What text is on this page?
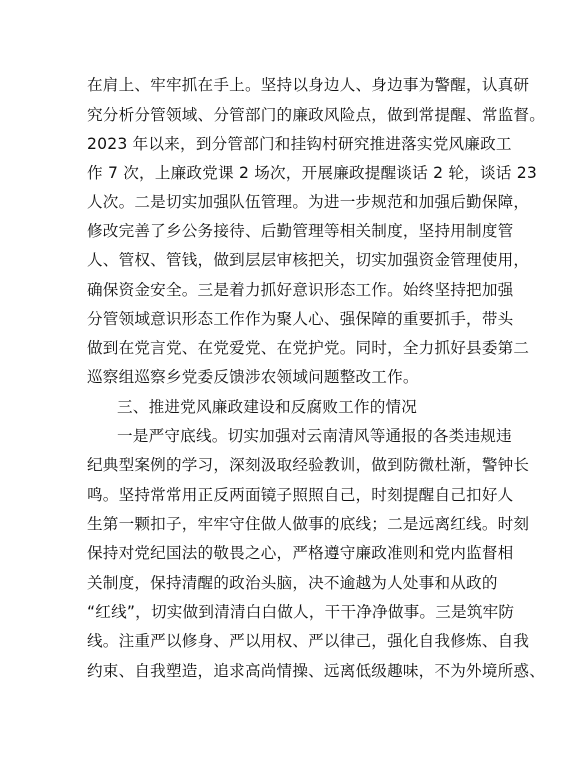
在肩上、牢牢抓在手上。坚持以身边人、身边事为警醒，认真研
究分析分管领域、分管部门的廉政风险点，做到常提醒、常监督。
2023 年以来，到分管部门和挂钩村研究推进落实党风廉政工
作 7 次，上廉政党课 2 场次，开展廉政提醒谈话 2 轮，谈话 23
人次。二是切实加强队伍管理。为进一步规范和加强后勤保障，
修改完善了乡公务接待、后勤管理等相关制度，坚持用制度管
人、管权、管钱，做到层层审核把关，切实加强资金管理使用，
确保资金安全。三是着力抓好意识形态工作。始终坚持把加强
分管领域意识形态工作作为聚人心、强保障的重要抓手，带头
做到在党言党、在党爱党、在党护党。同时，全力抓好县委第二
巡察组巡察乡党委反馈涉农领域问题整改工作。
三、推进党风廉政建设和反腐败工作的情况
一是严守底线。切实加强对云南清风等通报的各类违规违
纪典型案例的学习，深刻汲取经验教训，做到防微杜渐，警钟长
鸣。坚持常常用正反两面镜子照照自己，时刻提醒自己扣好人
生第一颗扣子，牢牢守住做人做事的底线；二是远离红线。时刻
保持对党纪国法的敬畏之心，严格遵守廉政准则和党内监督相
关制度，保持清醒的政治头脑，决不逾越为人处事和从政的
“红线”，切实做到清清白白做人，干干净净做事。三是筑牢防
线。注重严以修身、严以用权、严以律己，强化自我修炼、自我
约束、自我塑造，追求高尚情操、远离低级趣味，不为外境所惑、
